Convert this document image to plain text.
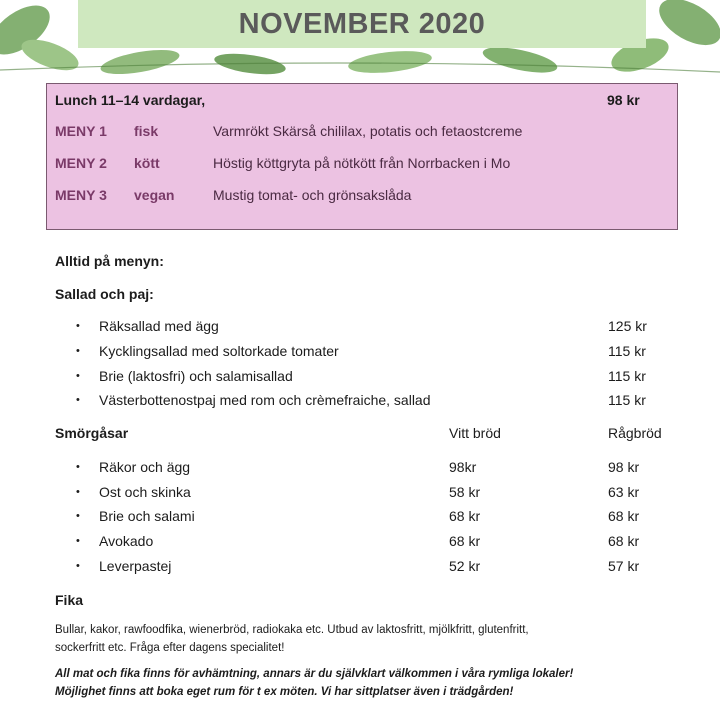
NOVEMBER 2020
Lunch 11–14 vardagar,	98 kr
MENY 1 fisk	Varmrökt Skärså chililax, potatis och fetaostcreme
MENY 2 kött	Höstig köttgryta på nötkött från Norrbacken i Mo
MENY 3 vegan	Mustig tomat- och grönsakslåda
Alltid på menyn:
Sallad och paj:
• Räksallad med ägg	125 kr
• Kycklingsallad med soltorkade tomater	115 kr
• Brie (laktosfri) och salamisallad	115 kr
• Västerbottenostpaj med rom och crèmefraiche, sallad	115 kr
Smörgåsar	Vitt bröd	Rågbröd
• Räkor och ägg	98kr	98 kr
• Ost och skinka	58 kr	63 kr
• Brie och salami	68 kr	68 kr
• Avokado	68 kr	68 kr
• Leverpastej	52 kr	57 kr
Fika
Bullar, kakor, rawfoodfika, wienerbröd, radiokaka etc. Utbud av laktosfritt, mjölkfritt, glutenfritt,
sockerfritt etc. Fråga efter dagens specialitet!
All mat och fika finns för avhämtning, annars är du självklart välkommen i våra rymliga lokaler!
Möjlighet finns att boka eget rum för t ex möten. Vi har sittplatser även i trädgården!
